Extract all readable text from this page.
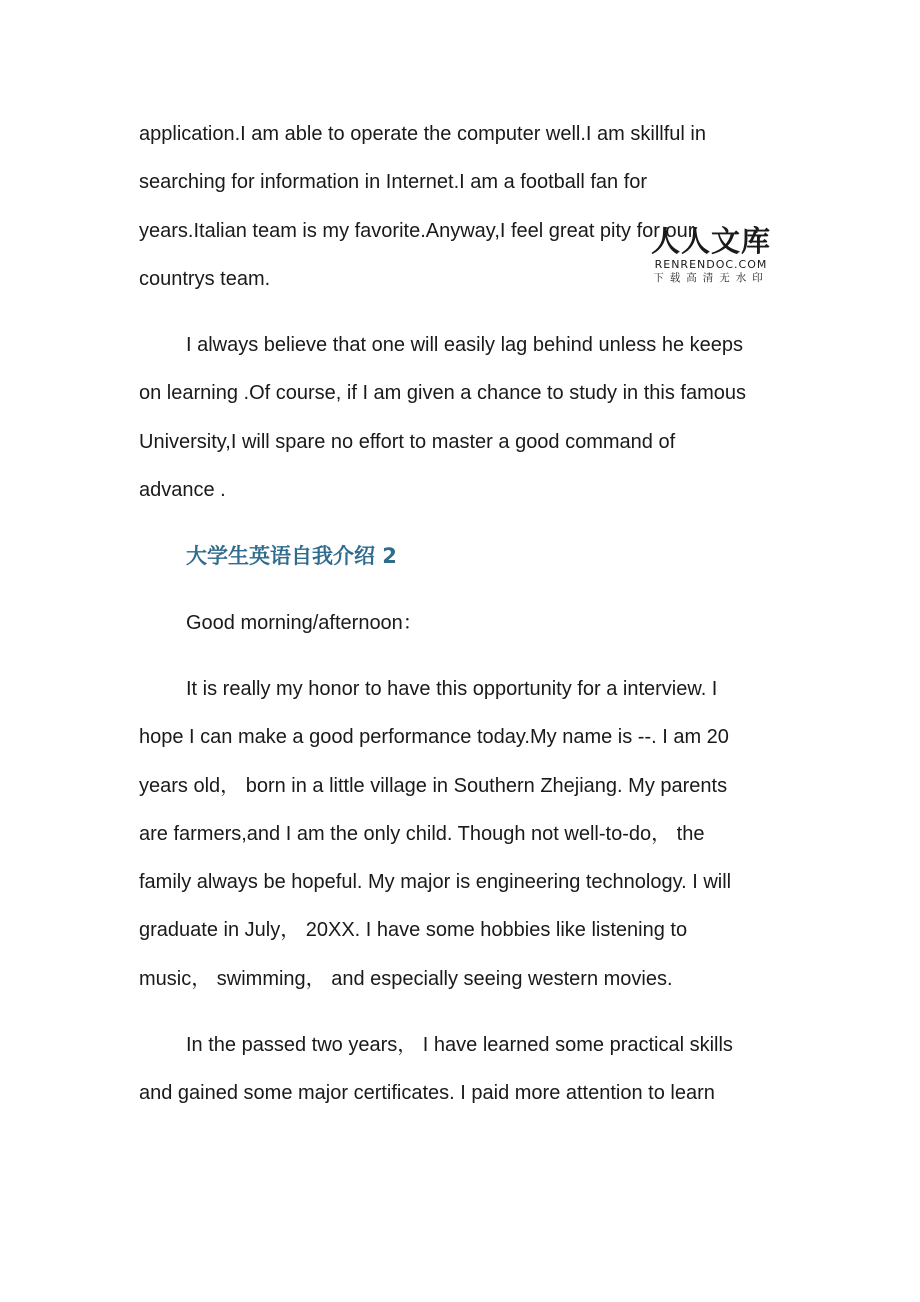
application.I am able to operate the computer well.I am skillful in
searching for information in Internet.I am a football fan for
years.Italian team is my favorite.Anyway,I feel great pity for our
countrys team.
I always believe that one will easily lag behind unless he keeps
on learning .Of course, if I am given a chance to study in this famous
University,I will spare no effort to master a good command of
advance .
大学生英语自我介绍 2
Good morning/afternoon：
It is really my honor to have this opportunity for a interview. I
hope I can make a good performance today.My name is --. I am 20
years old， born in a little village in Southern Zhejiang. My parents
are farmers,and I am the only child. Though not well-to-do， the
family always be hopeful. My major is engineering technology. I will
graduate in July， 20XX. I have some hobbies like listening to
music， swimming， and especially seeing western movies.
In the passed two years， I have learned some practical skills
and gained some major certificates. I paid more attention to learn
人人文库
RENRENDOC.COM
下载高清无水印
